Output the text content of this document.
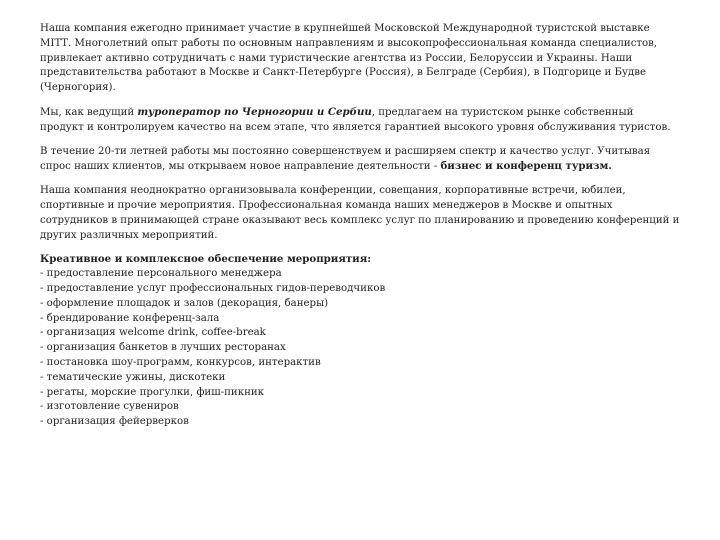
Наша компания ежегодно принимает участие в крупнейшей Московской Международной туристской выставке МІТТ. Многолетний опыт работы по основным направлениям и высокопрофессиональная команда специалистов, привлекает активно сотрудничать с нами туристические агентства из России, Белоруссии и Украины. Наши представительства работают в Москве и Санкт-Петербурге (Россия), в Белграде (Сербия), в Подгорице и Будве (Черногория).

Мы, как ведущий туроператор по Черногории и Сербии, предлагаем на туристском рынке собственный продукт и контролируем качество на всем этапе, что является гарантией высокого уровня обслуживания туристов.

В течение 20-ти летней работы мы постоянно совершенствуем и расширяем спектр и качество услуг. Учитывая спрос наших клиентов, мы открываем новое направление деятельности - бизнес и конференц туризм.

Наша компания неоднократно организовывала конференции, совещания, корпоративные встречи, юбилеи, спортивные и прочие мероприятия. Профессиональная команда наших менеджеров в Москве и опытных сотрудников в принимающей стране оказывают весь комплекс услуг по планированию и проведению конференций и других различных мероприятий.

Креативное и комплексное обеспечение мероприятия:
- предоставление персонального менеджера
- предоставление услуг профессиональных гидов-переводчиков
- оформление площадок и залов (декорация, банеры)
- брендирование конференц-зала
- организация welcome drink, coffee-break
- организация банкетов в лучших ресторанах
- постановка шоу-программ, конкурсов, интерактив
- тематические ужины, дискотеки
- регаты, морские прогулки, фиш-пикник
- изготовление сувениров
- организация фейерверков
